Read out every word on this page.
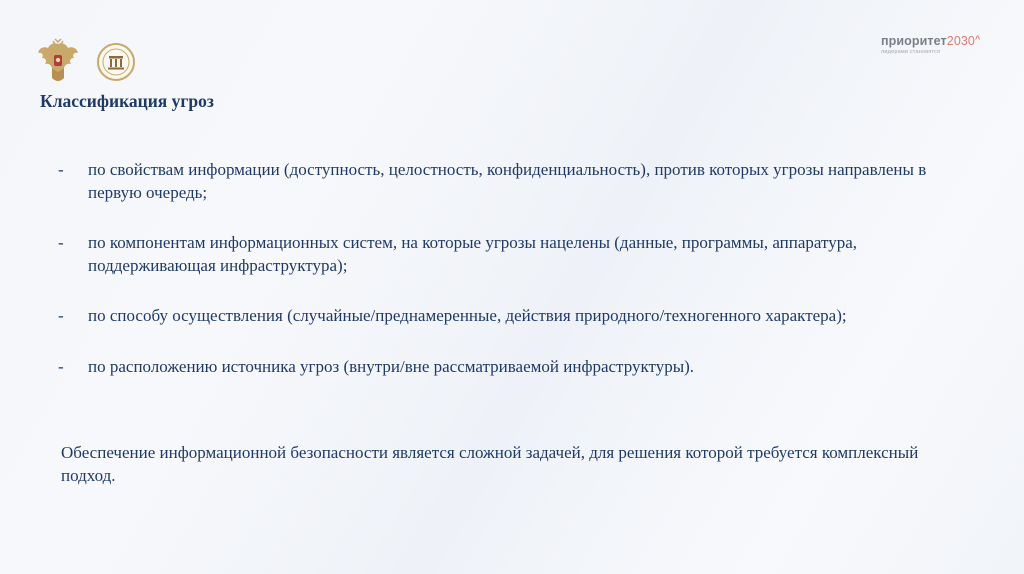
приоритет2030^
лидерами становятся
Классификация угроз
-	по свойствам информации (доступность, целостность, конфиденциальность), против которых угрозы направлены в первую очередь;
-	по компонентам информационных систем, на которые угрозы нацелены (данные, программы, аппаратура, поддерживающая инфраструктура);
-	по способу осуществления (случайные/преднамеренные, действия природного/техногенного характера);
-	по расположению источника угроз (внутри/вне рассматриваемой инфраструктуры).
Обеспечение информационной безопасности является сложной задачей, для решения которой требуется комплексный подход.
